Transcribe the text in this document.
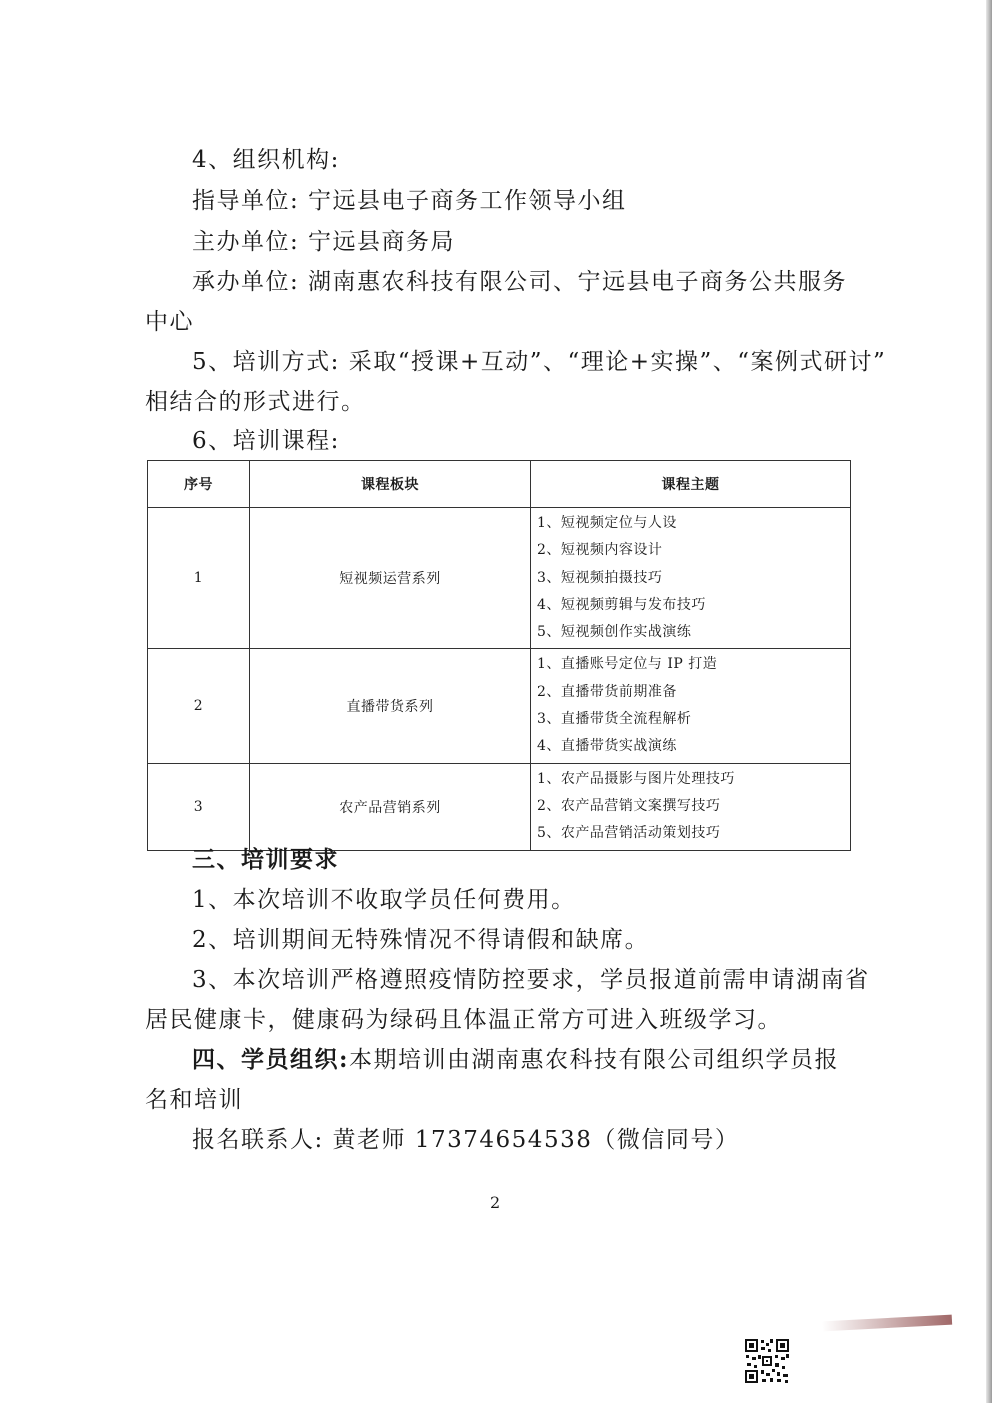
4、组织机构:
指导单位: 宁远县电子商务工作领导小组
主办单位: 宁远县商务局
承办单位: 湖南惠农科技有限公司、宁远县电子商务公共服务
中心
5、培训方式: 采取“授课+互动”、“理论+实操”、“案例式研讨”
相结合的形式进行。
6、培训课程:
序号	课程板块	课程主题
1	短视频运营系列	1、短视频定位与人设
2、短视频内容设计
3、短视频拍摄技巧
4、短视频剪辑与发布技巧
5、短视频创作实战演练

2	直播带货系列	1、直播账号定位与 IP 打造
2、直播带货前期准备
3、直播带货全流程解析
4、直播带货实战演练

3	农产品营销系列	1、农产品摄影与图片处理技巧
2、农产品营销文案撰写技巧
5、农产品营销活动策划技巧
三、培训要求
1、本次培训不收取学员任何费用。
2、培训期间无特殊情况不得请假和缺席。
3、本次培训严格遵照疫情防控要求，学员报道前需申请湖南省
居民健康卡，健康码为绿码且体温正常方可进入班级学习。
四、学员组织:本期培训由湖南惠农科技有限公司组织学员报
名和培训
报名联系人: 黄老师 17374654538（微信同号）
2
